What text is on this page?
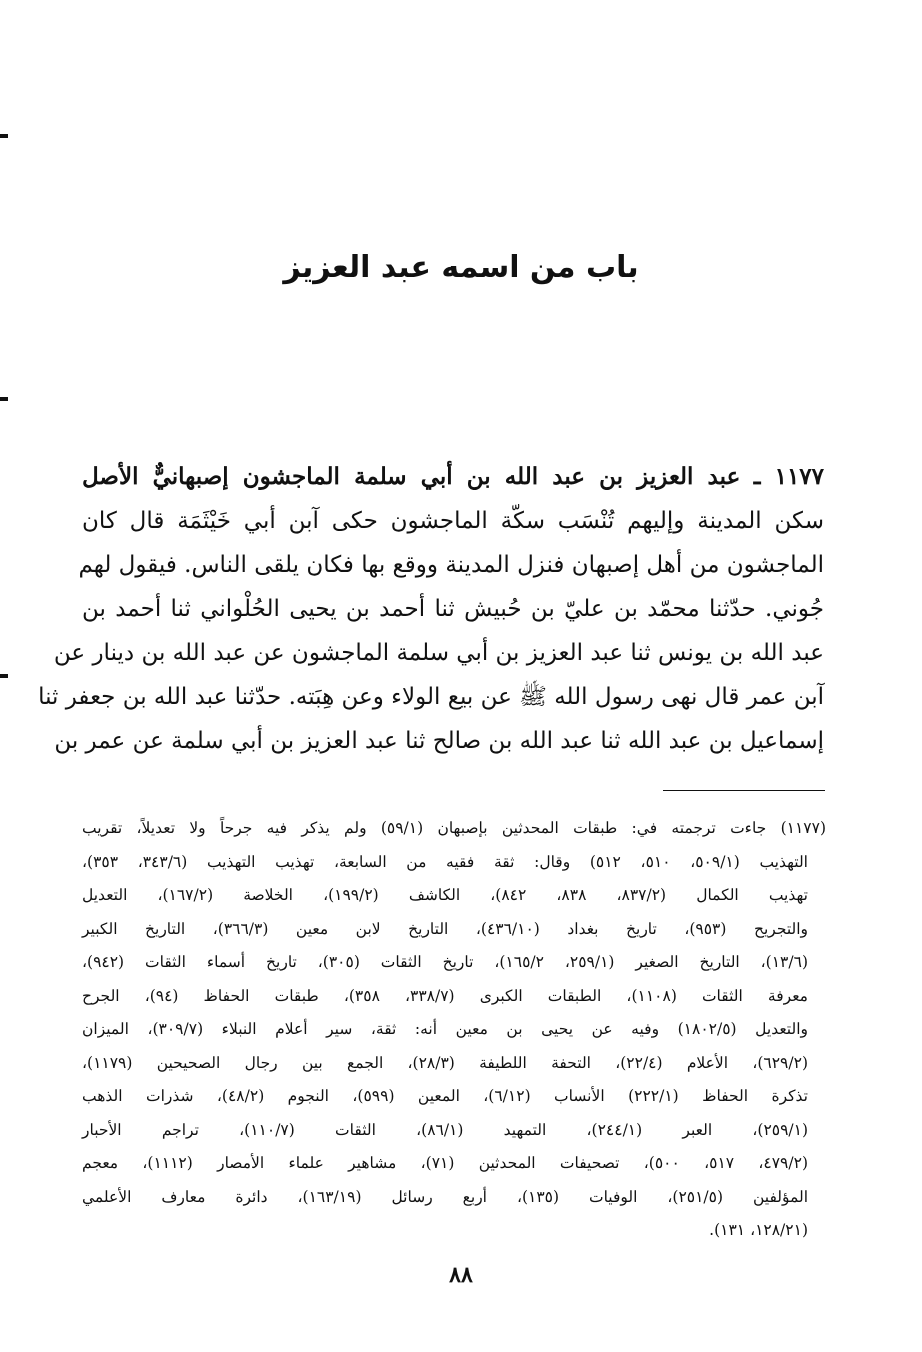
باب من اسمه عبد العزيز
١١٧٧ ـ عبد العزيز بن عبد الله بن أبي سلمة الماجشون إصبهانيٌّ الأصل
سكن المدينة وإليهم تُنْسَب سكّة الماجشون حكى آبن أبي خَيْثَمَة قال كان
الماجشون من أهل إصبهان فنزل المدينة ووقع بها فكان يلقى الناس. فيقول لهم
جُوني. حدّثنا محمّد بن عليّ بن حُبيش ثنا أحمد بن يحيى الحُلْواني ثنا أحمد بن
عبد الله بن يونس ثنا عبد العزيز بن أبي سلمة الماجشون عن عبد الله بن دينار عن
آبن عمر قال نهى رسول الله ﷺ عن بيع الولاء وعن هِبَته. حدّثنا عبد الله بن جعفر ثنا
إسماعيل بن عبد الله ثنا عبد الله بن صالح ثنا عبد العزيز بن أبي سلمة عن عمر بن
(١١٧٧) جاءت ترجمته في: طبقات المحدثين بإصبهان (٥٩/١) ولم يذكر فيه جرحاً ولا تعديلاً، تقريب
التهذيب (٥٠٩/١، ٥١٠، ٥١٢) وقال: ثقة فقيه من السابعة، تهذيب التهذيب (٣٤٣/٦، ٣٥٣)،
تهذيب الكمال (٨٣٧/٢، ٨٣٨، ٨٤٢)، الكاشف (١٩٩/٢)، الخلاصة (١٦٧/٢)، التعديل
والتجريح (٩٥٣)، تاريخ بغداد (٤٣٦/١٠)، التاريخ لابن معين (٣٦٦/٣)، التاريخ الكبير
(١٣/٦)، التاريخ الصغير (٢٥٩/١، ١٦٥/٢)، تاريخ الثقات (٣٠٥)، تاريخ أسماء الثقات (٩٤٢)،
معرفة الثقات (١١٠٨)، الطبقات الكبرى (٣٣٨/٧، ٣٥٨)، طبقات الحفاظ (٩٤)، الجرح
والتعديل (١٨٠٢/٥) وفيه عن يحيى بن معين أنه: ثقة، سير أعلام النبلاء (٣٠٩/٧)، الميزان
(٦٢٩/٢)، الأعلام (٢٢/٤)، التحفة اللطيفة (٢٨/٣)، الجمع بين رجال الصحيحين (١١٧٩)،
تذكرة الحفاظ (٢٢٢/١) الأنساب (٦/١٢)، المعين (٥٩٩)، النجوم (٤٨/٢)، شذرات الذهب
(٢٥٩/١)، العبر (٢٤٤/١)، التمهيد (٨٦/١)، الثقات (١١٠/٧)، تراجم الأحبار
(٤٧٩/٢، ٥١٧، ٥٠٠)، تصحيفات المحدثين (٧١)، مشاهير علماء الأمصار (١١١٢)، معجم
المؤلفين (٢٥١/٥)، الوفيات (١٣٥)، أربع رسائل (١٦٣/١٩)، دائرة معارف الأعلمي
(١٢٨/٢١، ١٣١).
٨٨
